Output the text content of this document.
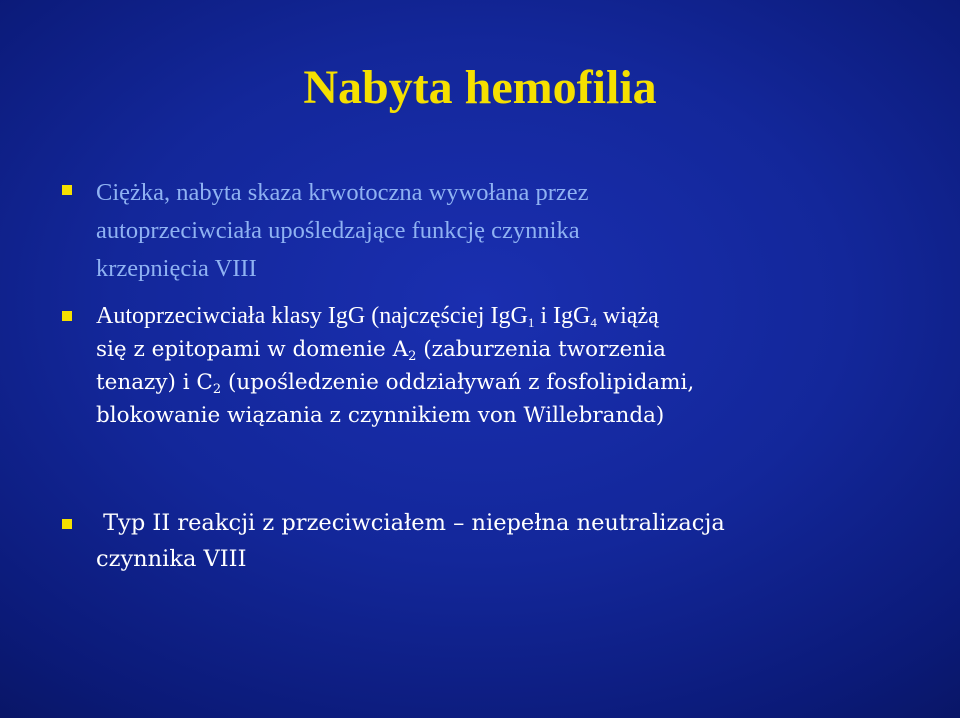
Nabyta hemofilia
Ciężka, nabyta skaza krwotoczna wywołana przez
autoprzeciwciała upośledzające funkcję czynnika
krzepnięcia VIII
Autoprzeciwciała klasy IgG (najczęściej IgG$_1$ i IgG$_4$ wiążą
się z epitopami w domenie $A_2$ (zaburzenia tworzenia
tenazy) i $C_2$ (upośledzenie oddziaływań z fosfolipidami,
blokowanie wiązania z czynnikiem von Willebranda)
Typ II reakcji z przeciwciałem – niepełna neutralizacja
czynnika VIII
